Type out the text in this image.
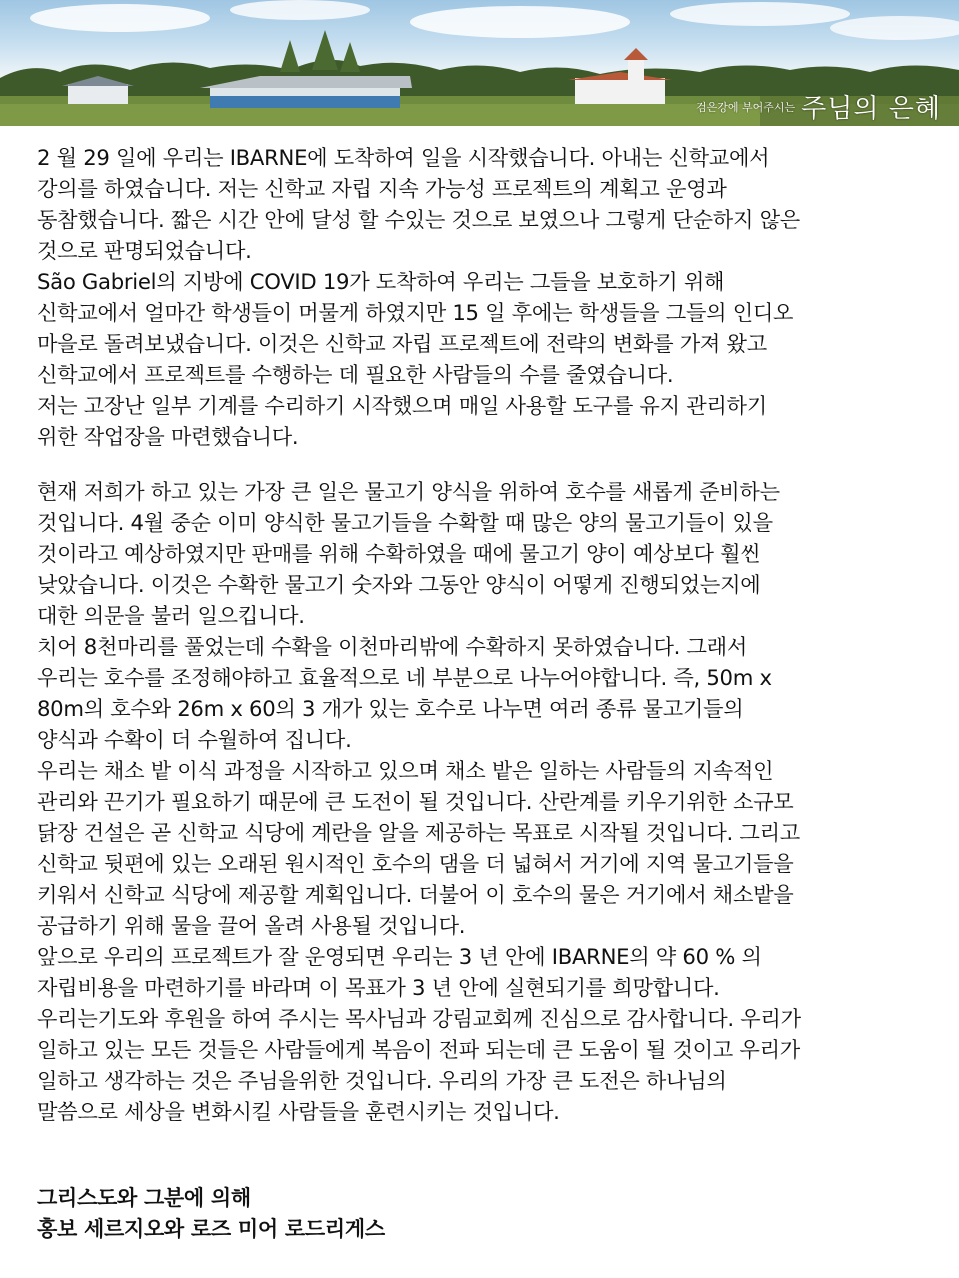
검은강에 부어주시는 주님의 은혜
2 월 29 일에 우리는 IBARNE에 도착하여 일을 시작했습니다. 아내는 신학교에서
강의를 하였습니다. 저는 신학교 자립 지속 가능성 프로젝트의 계획고 운영과
동참했습니다. 짧은 시간 안에 달성 할 수있는 것으로 보였으나 그렇게 단순하지 않은
것으로 판명되었습니다.
São Gabriel의 지방에 COVID 19가 도착하여 우리는 그들을 보호하기 위해
신학교에서 얼마간 학생들이 머물게 하였지만 15 일 후에는 학생들을 그들의 인디오
마을로 돌려보냈습니다. 이것은 신학교 자립 프로젝트에 전략의 변화를 가져 왔고
신학교에서 프로젝트를 수행하는 데 필요한 사람들의 수를 줄였습니다.
저는 고장난 일부 기계를 수리하기 시작했으며 매일 사용할 도구를 유지 관리하기
위한 작업장을 마련했습니다.
현재 저희가 하고 있는 가장 큰 일은 물고기 양식을 위하여 호수를 새롭게 준비하는
것입니다. 4월 중순 이미 양식한 물고기들을 수확할 때 많은 양의 물고기들이 있을
것이라고 예상하였지만 판매를 위해 수확하였을 때에 물고기 양이 예상보다 훨씬
낮았습니다. 이것은 수확한 물고기 숫자와 그동안 양식이 어떻게 진행되었는지에
대한 의문을 불러 일으킵니다.
치어 8천마리를 풀었는데 수확을 이천마리밖에 수확하지 못하였습니다. 그래서
우리는 호수를 조정해야하고 효율적으로 네 부분으로 나누어야합니다. 즉, 50m x
80m의 호수와 26m x 60의 3 개가 있는 호수로 나누면 여러 종류 물고기들의
양식과 수확이 더 수월하여 집니다.
우리는 채소 밭 이식 과정을 시작하고 있으며 채소 밭은 일하는 사람들의 지속적인
관리와 끈기가 필요하기 때문에 큰 도전이 될 것입니다. 산란계를 키우기위한 소규모
닭장 건설은 곧 신학교 식당에 계란을 알을 제공하는 목표로 시작될 것입니다. 그리고
신학교 뒷편에 있는 오래된 원시적인 호수의 댐을 더 넓혀서 거기에 지역 물고기들을
키워서 신학교 식당에 제공할 계획입니다. 더불어 이 호수의 물은 거기에서 채소밭을
공급하기 위해 물을 끌어 올려 사용될 것입니다.
앞으로 우리의 프로젝트가 잘 운영되면 우리는 3 년 안에 IBARNE의 약 60 % 의
자립비용을 마련하기를 바라며 이 목표가 3 년 안에 실현되기를 희망합니다.
우리는기도와 후원을 하여 주시는 목사님과 강림교회께 진심으로 감사합니다. 우리가
일하고 있는 모든 것들은 사람들에게 복음이 전파 되는데 큰 도움이 될 것이고 우리가
일하고 생각하는 것은 주님을위한 것입니다. 우리의 가장 큰 도전은 하나님의
말씀으로 세상을 변화시킬 사람들을 훈련시키는 것입니다.
그리스도와 그분에 의해
홍보 세르지오와 로즈 미어 로드리게스
